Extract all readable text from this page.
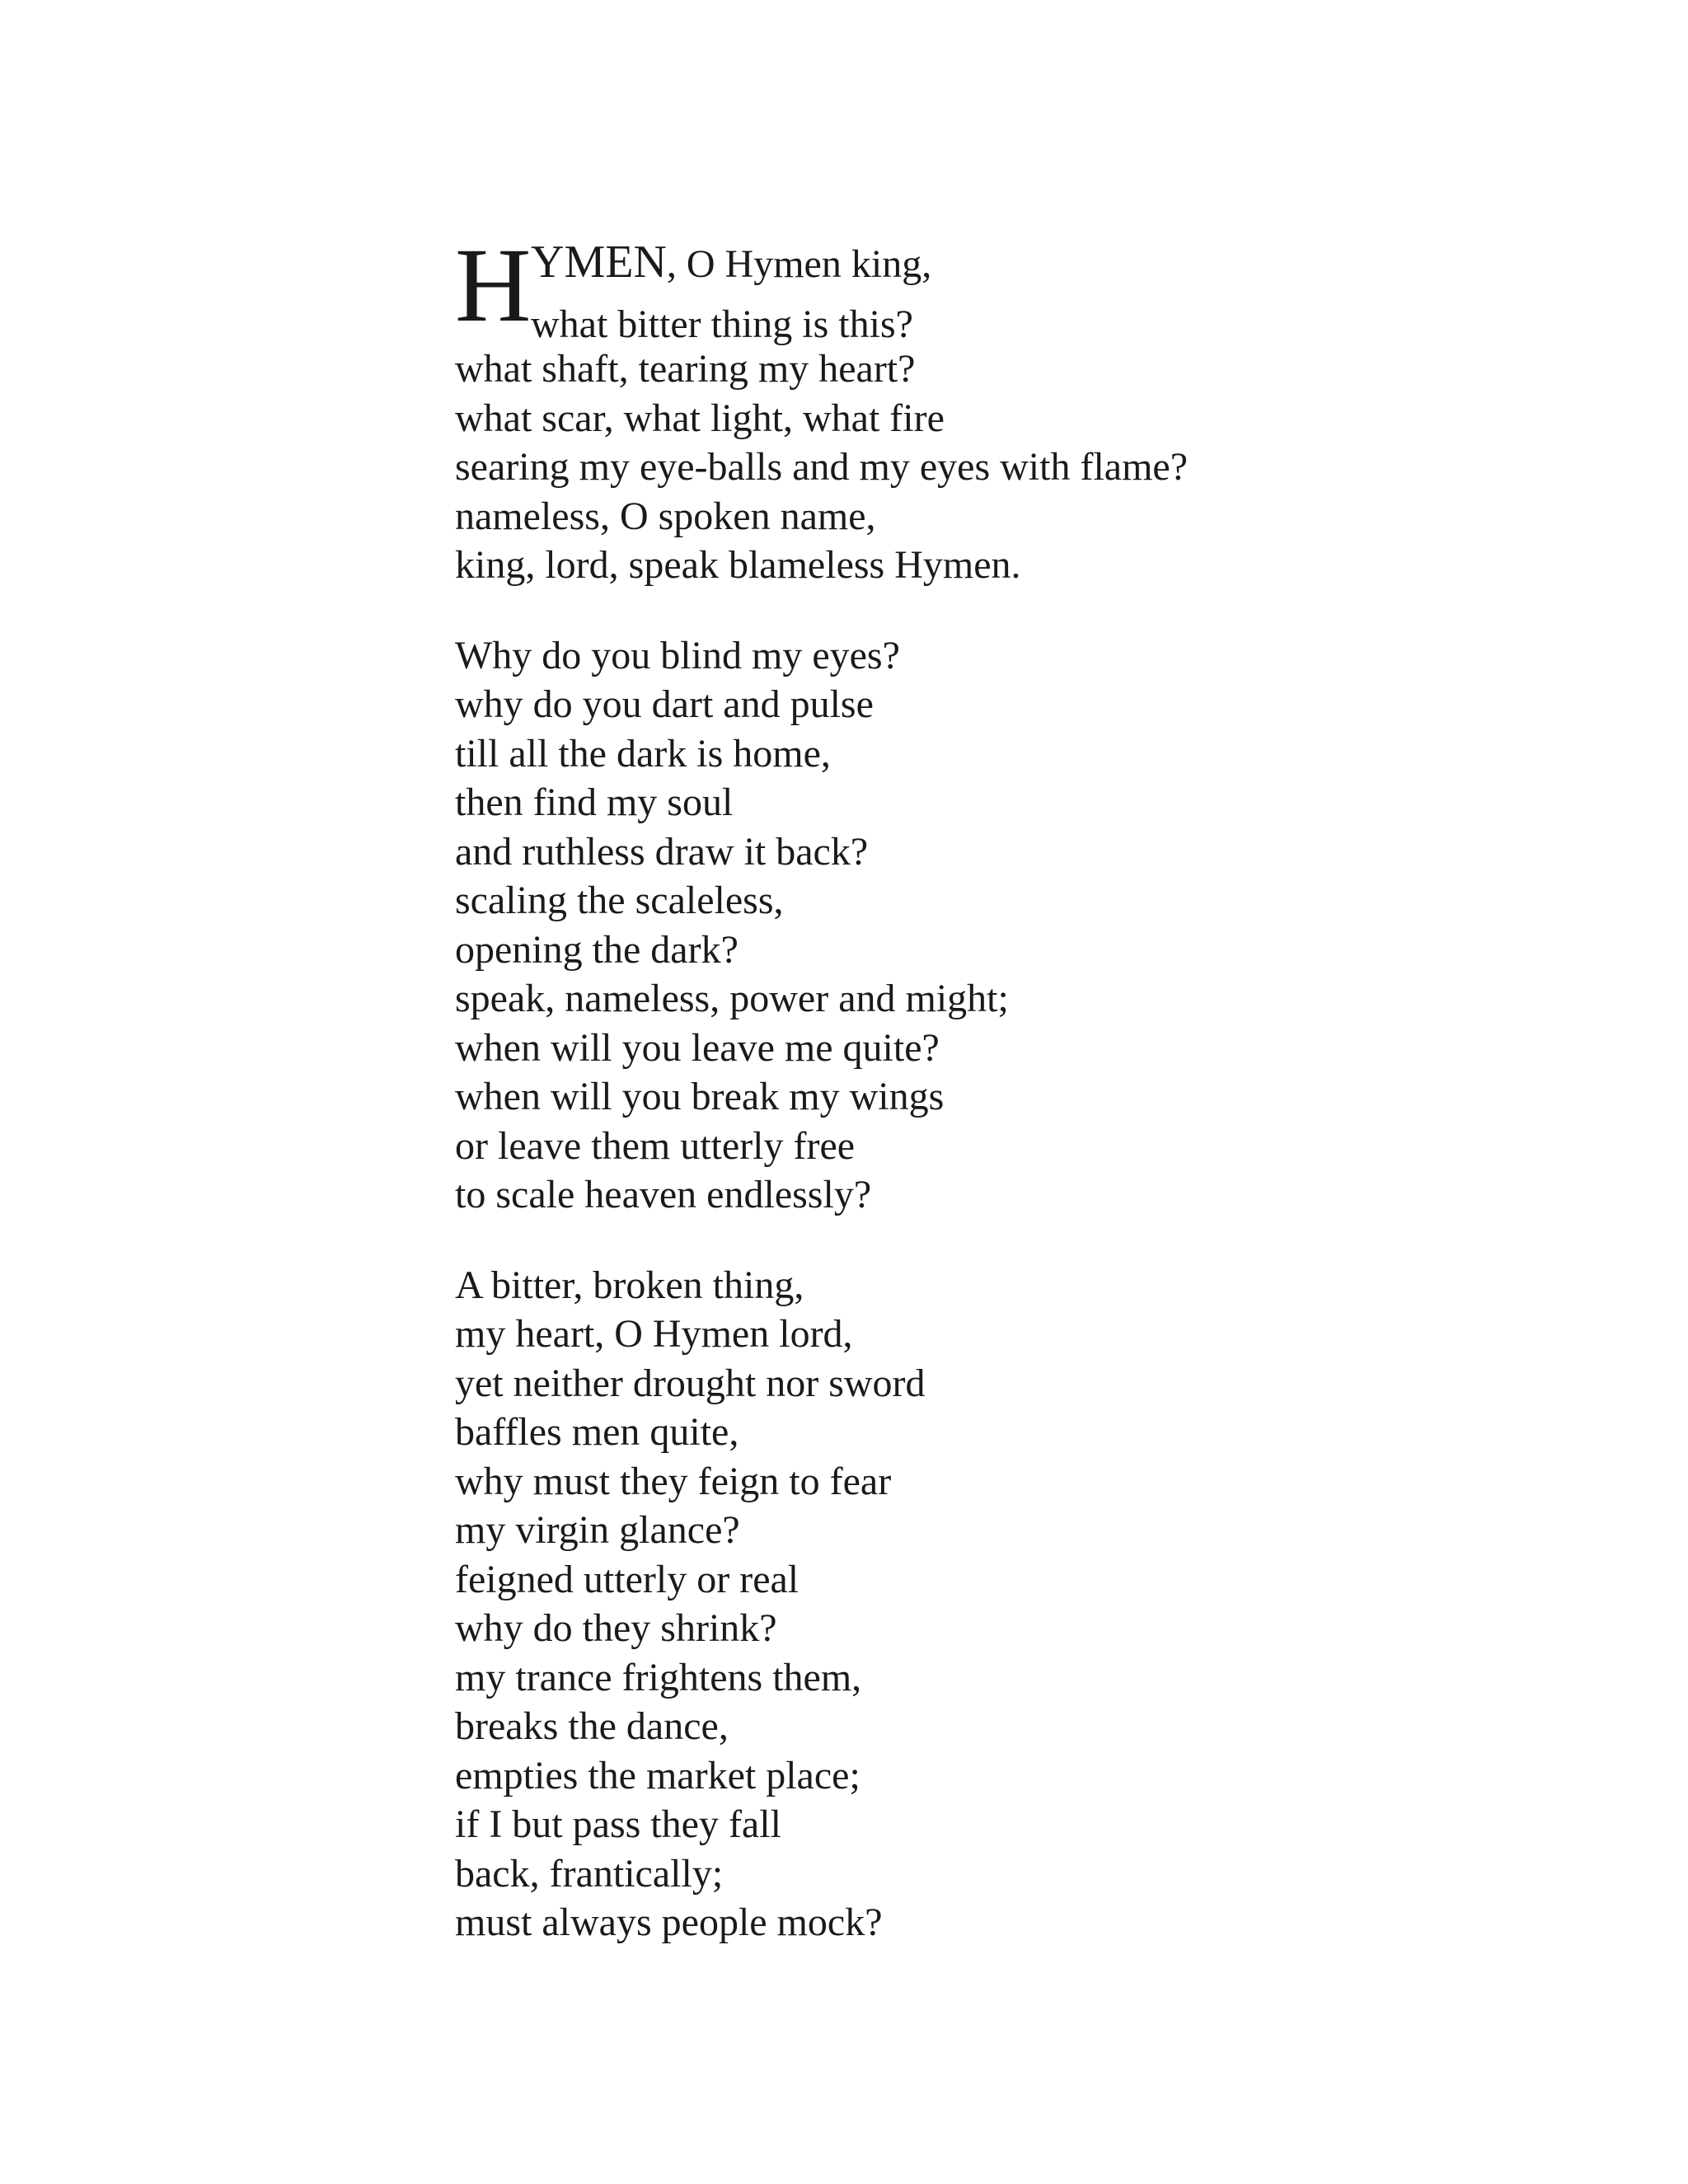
H YMEN, O Hymen king,
what bitter thing is this?
what shaft, tearing my heart?
what scar, what light, what fire
searing my eye-balls and my eyes with flame?
nameless, O spoken name,
king, lord, speak blameless Hymen.
Why do you blind my eyes?
why do you dart and pulse
till all the dark is home,
then find my soul
and ruthless draw it back?
scaling the scaleless,
opening the dark?
speak, nameless, power and might;
when will you leave me quite?
when will you break my wings
or leave them utterly free
to scale heaven endlessly?
A bitter, broken thing,
my heart, O Hymen lord,
yet neither drought nor sword
baffles men quite,
why must they feign to fear
my virgin glance?
feigned utterly or real
why do they shrink?
my trance frightens them,
breaks the dance,
empties the market place;
if I but pass they fall
back, frantically;
must always people mock?
